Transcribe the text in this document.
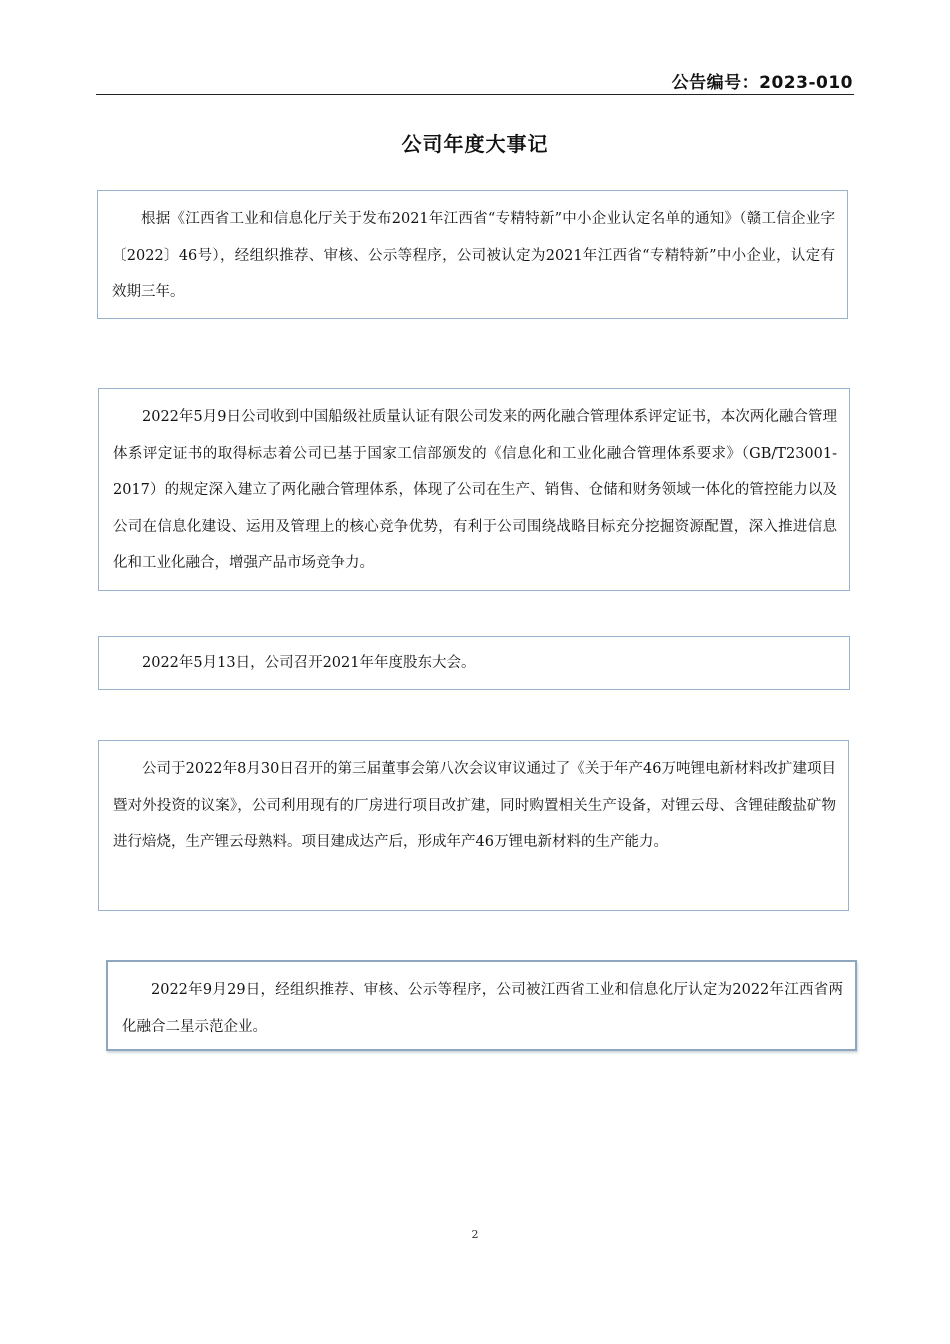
公告编号：2023-010
公司年度大事记

根据《江西省工业和信息化厅关于发布2021年江西省“专精特新”中小企业认定名单的通知》（赣工信企业字〔2022〕46号），经组织推荐、审核、公示等程序，公司被认定为2021年江西省“专精特新”中小企业，认定有效期三年。

2022年5月9日公司收到中国船级社质量认证有限公司发来的两化融合管理体系评定证书，本次两化融合管理体系评定证书的取得标志着公司已基于国家工信部颁发的《信息化和工业化融合管理体系要求》（GB/T23001-2017）的规定深入建立了两化融合管理体系，体现了公司在生产、销售、仓储和财务领域一体化的管控能力以及公司在信息化建设、运用及管理上的核心竞争优势，有利于公司围绕战略目标充分挖掘资源配置，深入推进信息化和工业化融合，增强产品市场竞争力。

2022年5月13日，公司召开2021年年度股东大会。

公司于2022年8月30日召开的第三届董事会第八次会议审议通过了《关于年产46万吨锂电新材料改扩建项目暨对外投资的议案》，公司利用现有的厂房进行项目改扩建，同时购置相关生产设备，对锂云母、含锂硅酸盐矿物进行焙烧，生产锂云母熟料。项目建成达产后，形成年产46万锂电新材料的生产能力。

2022年9月29日，经组织推荐、审核、公示等程序，公司被江西省工业和信息化厅认定为2022年江西省两化融合二星示范企业。

2
